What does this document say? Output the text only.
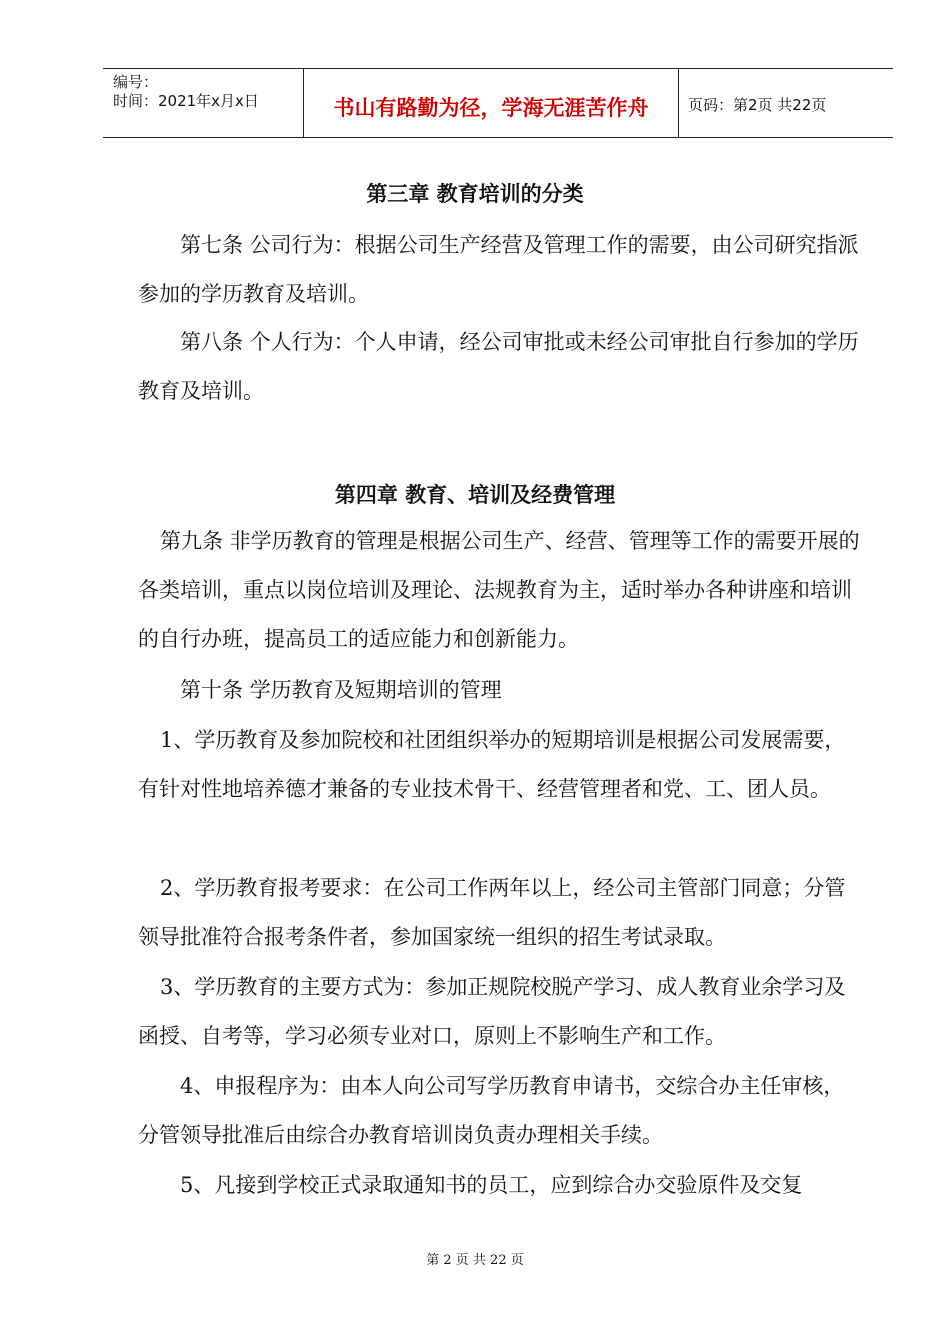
编号：
时间：2021年x月x日	书山有路勤为径，学海无涯苦作舟	页码：第2页 共22页
第三章 教育培训的分类

第七条 公司行为：根据公司生产经营及管理工作的需要，由公司研究指派参加的学历教育及培训。

第八条 个人行为：个人申请，经公司审批或未经公司审批自行参加的学历教育及培训。

第四章 教育、培训及经费管理

第九条 非学历教育的管理是根据公司生产、经营、管理等工作的需要开展的各类培训，重点以岗位培训及理论、法规教育为主，适时举办各种讲座和培训的自行办班，提高员工的适应能力和创新能力。

第十条 学历教育及短期培训的管理

1、学历教育及参加院校和社团组织举办的短期培训是根据公司发展需要，有针对性地培养德才兼备的专业技术骨干、经营管理者和党、工、团人员。

2、学历教育报考要求：在公司工作两年以上，经公司主管部门同意；分管领导批准符合报考条件者，参加国家统一组织的招生考试录取。

3、学历教育的主要方式为：参加正规院校脱产学习、成人教育业余学习及函授、自考等，学习必须专业对口，原则上不影响生产和工作。

4、申报程序为：由本人向公司写学历教育申请书，交综合办主任审核，分管领导批准后由综合办教育培训岗负责办理相关手续。

5、凡接到学校正式录取通知书的员工，应到综合办交验原件及交复

第 2 页 共 22 页
